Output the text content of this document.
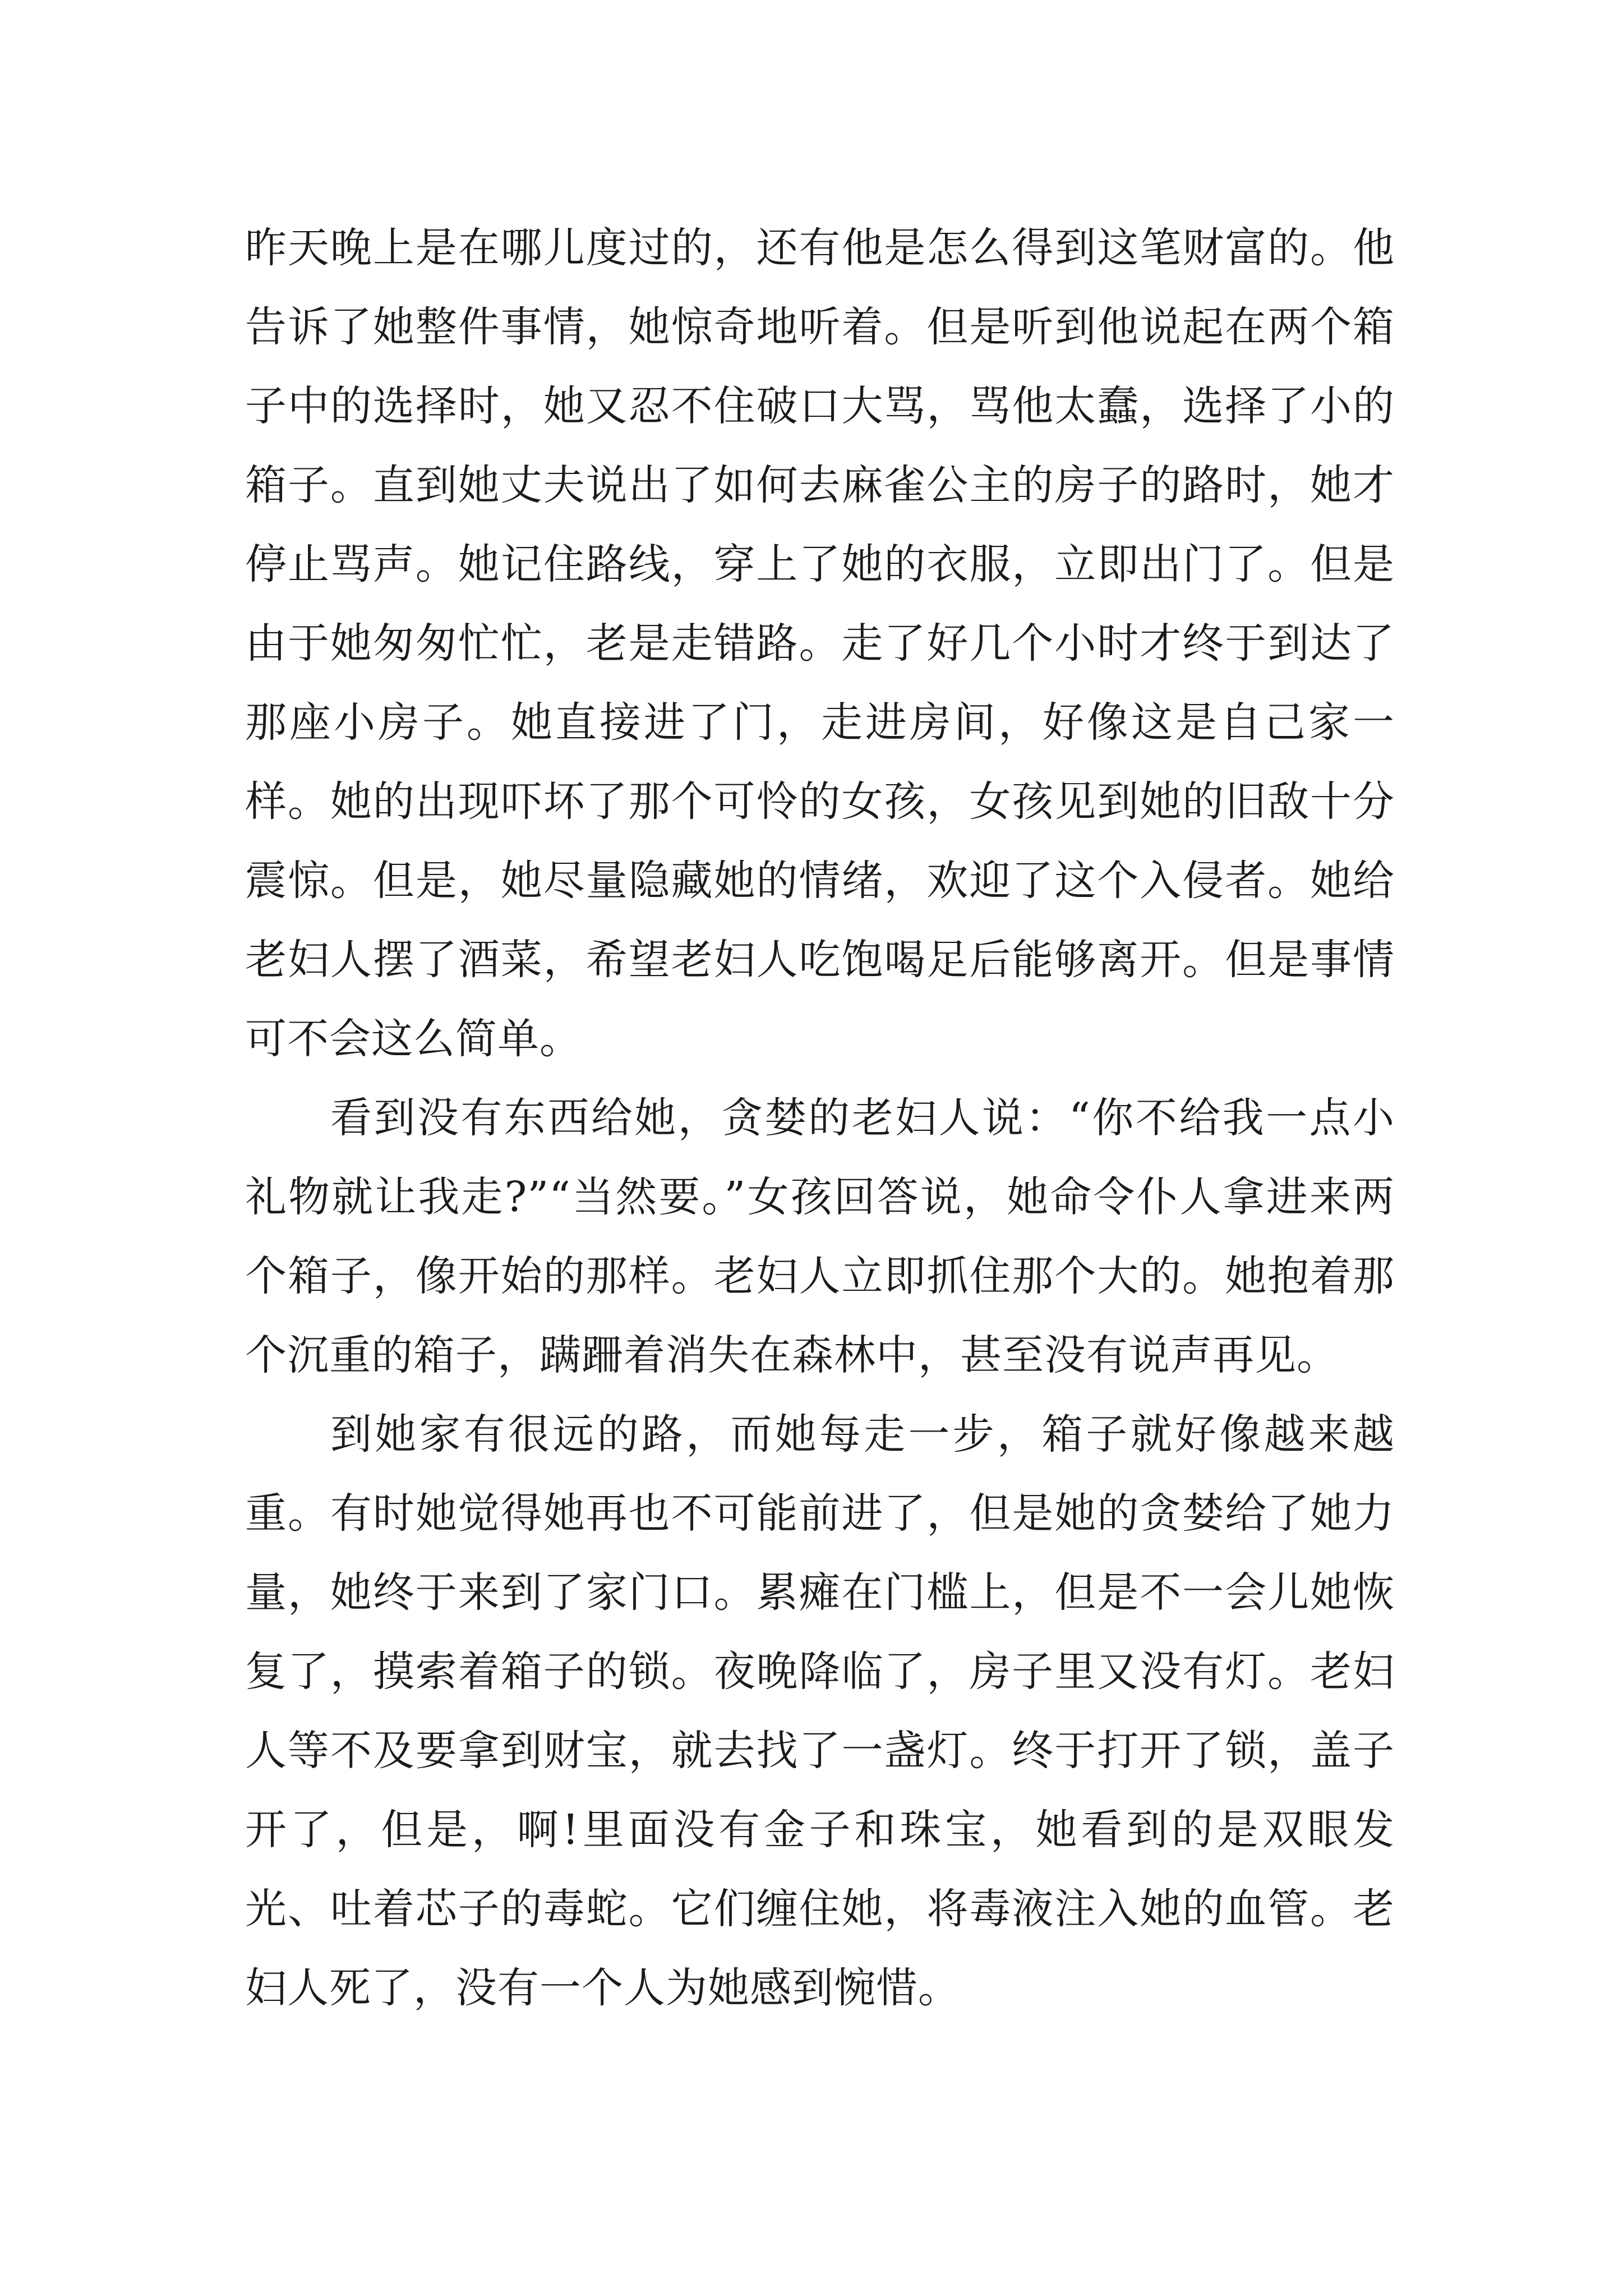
昨天晚上是在哪儿度过的，还有他是怎么得到这笔财富的。他告诉了她整件事情，她惊奇地听着。但是听到他说起在两个箱子中的选择时，她又忍不住破口大骂，骂他太蠢，选择了小的箱子。直到她丈夫说出了如何去麻雀公主的房子的路时，她才停止骂声。她记住路线，穿上了她的衣服，立即出门了。但是由于她匆匆忙忙，老是走错路。走了好几个小时才终于到达了那座小房子。她直接进了门，走进房间，好像这是自己家一样。她的出现吓坏了那个可怜的女孩，女孩见到她的旧敌十分震惊。但是，她尽量隐藏她的情绪，欢迎了这个入侵者。她给老妇人摆了酒菜，希望老妇人吃饱喝足后能够离开。但是事情可不会这么简单。

看到没有东西给她，贪婪的老妇人说：“你不给我一点小礼物就让我走?”“当然要。”女孩回答说，她命令仆人拿进来两个箱子，像开始的那样。老妇人立即抓住那个大的。她抱着那个沉重的箱子，蹒跚着消失在森林中，甚至没有说声再见。

到她家有很远的路，而她每走一步，箱子就好像越来越重。有时她觉得她再也不可能前进了，但是她的贪婪给了她力量，她终于来到了家门口。累瘫在门槛上，但是不一会儿她恢复了，摸索着箱子的锁。夜晚降临了，房子里又没有灯。老妇人等不及要拿到财宝，就去找了一盏灯。终于打开了锁，盖子开了，但是，啊!里面没有金子和珠宝，她看到的是双眼发光、吐着芯子的毒蛇。它们缠住她，将毒液注入她的血管。老妇人死了，没有一个人为她感到惋惜。
